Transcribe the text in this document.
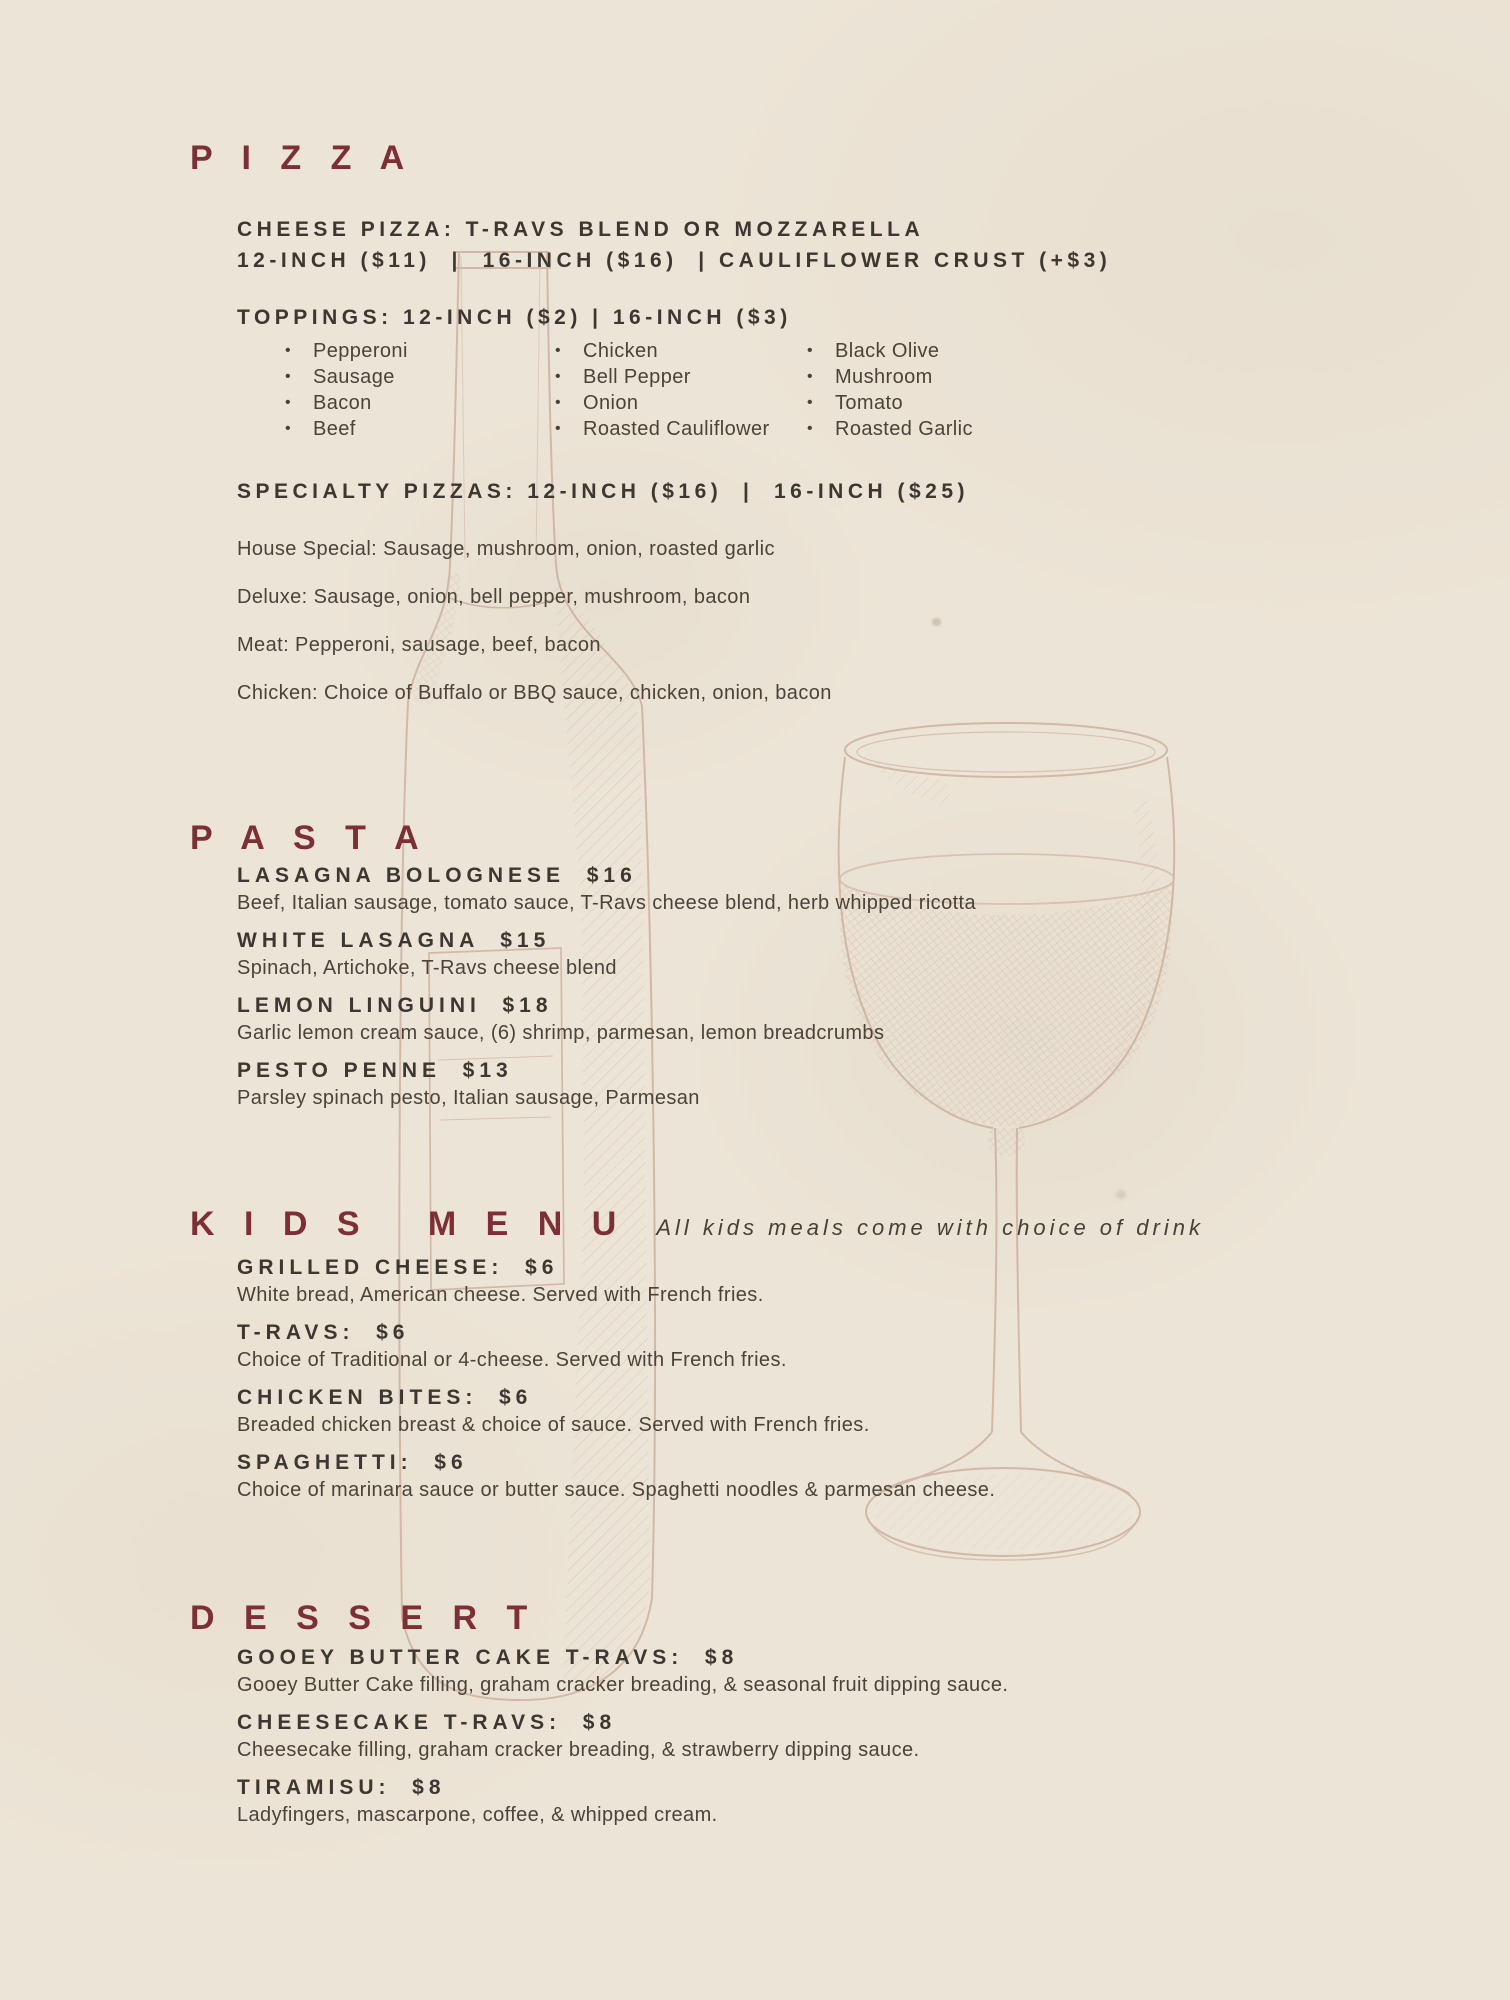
P I Z Z A
CHEESE PIZZA: T-RAVS BLEND OR MOZZARELLA
12-INCH ($11)  |  16-INCH ($16)  | CAULIFLOWER CRUST (+$3)
TOPPINGS: 12-INCH ($2) | 16-INCH ($3)
• Pepperoni
• Sausage
• Bacon
• Beef
• Chicken
• Bell Pepper
• Onion
• Roasted Cauliflower
• Black Olive
• Mushroom
• Tomato
• Roasted Garlic
SPECIALTY PIZZAS: 12-INCH ($16)  |  16-INCH ($25)
House Special: Sausage, mushroom, onion, roasted garlic
Deluxe: Sausage, onion, bell pepper, mushroom, bacon
Meat: Pepperoni, sausage, beef, bacon
Chicken: Choice of Buffalo or BBQ sauce, chicken, onion, bacon
P A S T A
LASAGNA BOLOGNESE  $16
Beef, Italian sausage, tomato sauce, T-Ravs cheese blend, herb whipped ricotta
WHITE LASAGNA  $15
Spinach, Artichoke, T-Ravs cheese blend
LEMON LINGUINI  $18
Garlic lemon cream sauce, (6) shrimp, parmesan, lemon breadcrumbs
PESTO PENNE  $13
Parsley spinach pesto, Italian sausage, Parmesan
K I D S   M E N U All kids meals come with choice of drink
GRILLED CHEESE:  $6
White bread, American cheese. Served with French fries.
T-RAVS:  $6
Choice of Traditional or 4-cheese. Served with French fries.
CHICKEN BITES:  $6
Breaded chicken breast & choice of sauce. Served with French fries.
SPAGHETTI:  $6
Choice of marinara sauce or butter sauce. Spaghetti noodles & parmesan cheese.
D E S S E R T
GOOEY BUTTER CAKE T-RAVS:  $8
Gooey Butter Cake filling, graham cracker breading, & seasonal fruit dipping sauce.
CHEESECAKE T-RAVS:  $8
Cheesecake filling, graham cracker breading, & strawberry dipping sauce.
TIRAMISU:  $8
Ladyfingers, mascarpone, coffee, & whipped cream.
